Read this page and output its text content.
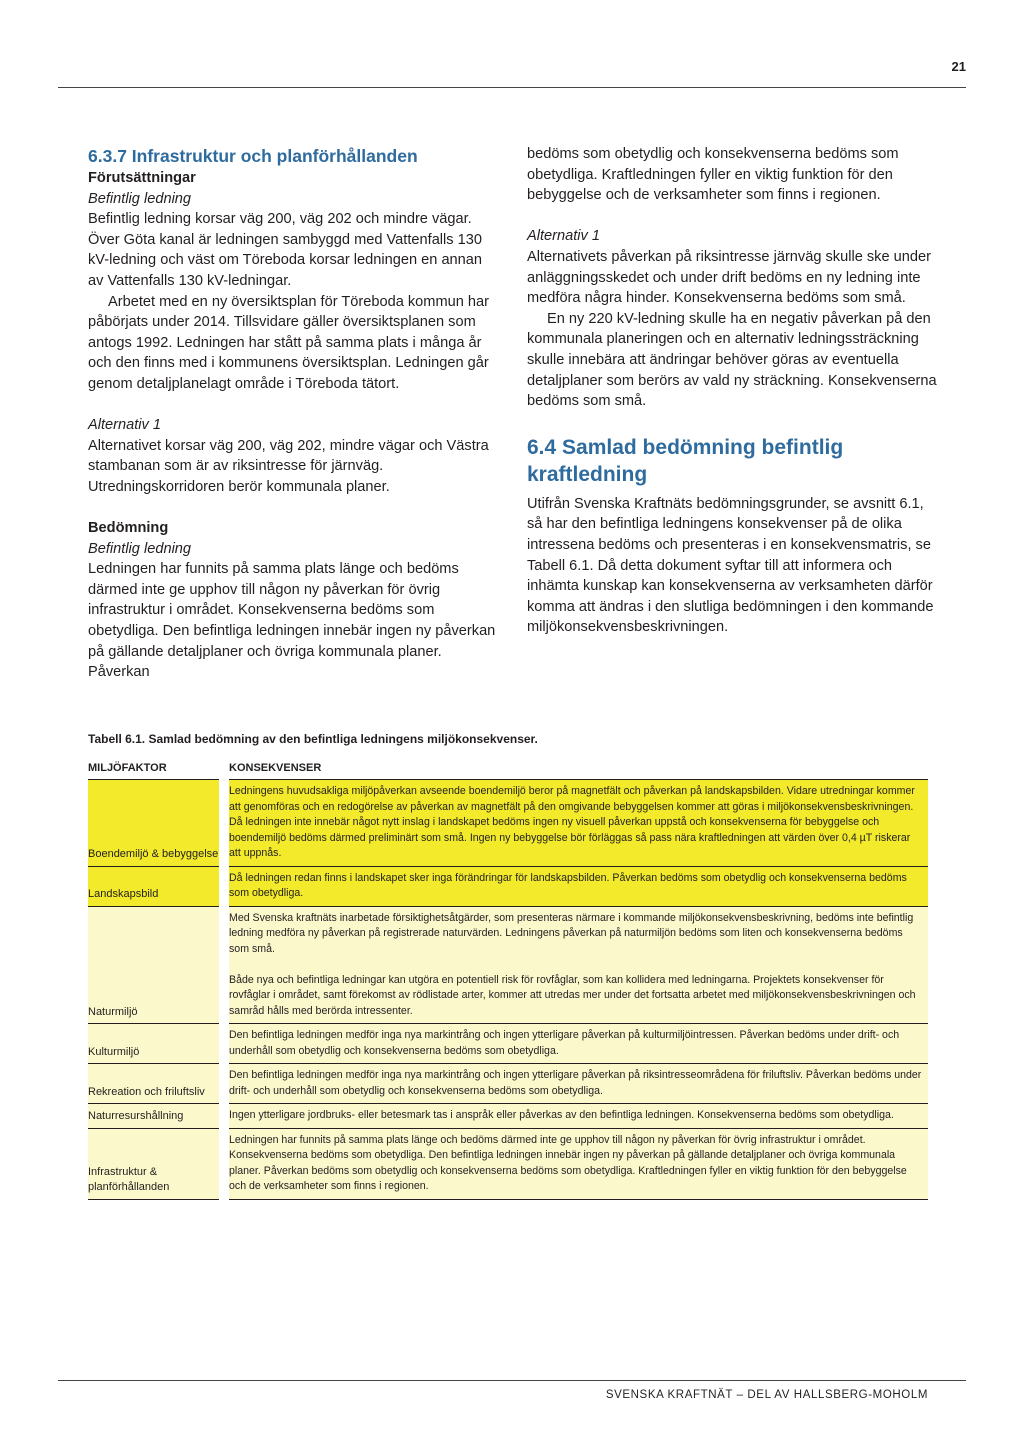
21
6.3.7 Infrastruktur och planförhållanden

Förutsättningar

Befintlig ledning

Befintlig ledning korsar väg 200, väg 202 och mindre vägar. Över Göta kanal är ledningen sambyggd med Vattenfalls 130 kV-ledning och väst om Töreboda korsar ledningen en annan av Vattenfalls 130 kV-ledningar.

Arbetet med en ny översiktsplan för Töreboda kommun har påbörjats under 2014. Tillsvidare gäller översiktsplanen som antogs 1992. Ledningen har stått på samma plats i många år och den finns med i kommunens översiktsplan. Ledningen går genom detaljplanelagt område i Töreboda tätort.

Alternativ 1

Alternativet korsar väg 200, väg 202, mindre vägar och Västra stambanan som är av riksintresse för järnväg. Utredningskorridoren berör kommunala planer.

Bedömning

Befintlig ledning

Ledningen har funnits på samma plats länge och bedöms därmed inte ge upphov till någon ny påverkan för övrig infrastruktur i området. Konsekvenserna bedöms som obetydliga. Den befintliga ledningen innebär ingen ny påverkan på gällande detaljplaner och övriga kommunala planer. Påverkan

bedöms som obetydlig och konsekvenserna bedöms som obetydliga. Kraftledningen fyller en viktig funktion för den bebyggelse och de verksamheter som finns i regionen.

Alternativ 1

Alternativets påverkan på riksintresse järnväg skulle ske under anläggningsskedet och under drift bedöms en ny ledning inte medföra några hinder. Konsekvenserna bedöms som små.

En ny 220 kV-ledning skulle ha en negativ påverkan på den kommunala planeringen och en alternativ ledningssträckning skulle innebära att ändringar behöver göras av eventuella detaljplaner som berörs av vald ny sträckning. Konsekvenserna bedöms som små.

6.4 Samlad bedömning befintlig kraftledning

Utifrån Svenska Kraftnäts bedömningsgrunder, se avsnitt 6.1, så har den befintliga ledningens konsekvenser på de olika intressena bedöms och presenteras i en konsekvensmatris, se Tabell 6.1. Då detta dokument syftar till att informera och inhämta kunskap kan konsekvenserna av verksamheten därför komma att ändras i den slutliga bedömningen i den kommande miljökonsekvensbeskrivningen.

Tabell 6.1. Samlad bedömning av den befintliga ledningens miljökonsekvenser.
MILJÖFAKTOR	KONSEKVENSER
Boendemiljö & bebyggelse

Ledningens huvudsakliga miljöpåverkan avseende boendemiljö beror på magnetfält och påverkan på landskapsbilden. Vidare utredningar kommer att genomföras och en redogörelse av påverkan av magnetfält på den omgivande bebyggelsen kommer att göras i miljökonsekvensbeskrivningen. Då ledningen inte innebär något nytt inslag i landskapet bedöms ingen ny visuell påverkan uppstå och konsekvenserna för bebyggelse och boendemiljö bedöms därmed preliminärt som små. Ingen ny bebyggelse bör förläggas så pass nära kraftledningen att värden över 0,4 µT riskerar att uppnås.

Landskapsbild

Då ledningen redan finns i landskapet sker inga förändringar för landskapsbilden. Påverkan bedöms som obetydlig och konsekvenserna bedöms som obetydliga.

Naturmiljö

Med Svenska kraftnäts inarbetade försiktighetsåtgärder, som presenteras närmare i kommande miljökonsekvensbeskrivning, bedöms inte befintlig ledning medföra ny påverkan på registrerade naturvärden. Ledningens påverkan på naturmiljön bedöms som liten och konsekvenserna bedöms som små.

Både nya och befintliga ledningar kan utgöra en potentiell risk för rovfåglar, som kan kollidera med ledningarna. Projektets konsekvenser för rovfåglar i området, samt förekomst av rödlistade arter, kommer att utredas mer under det fortsatta arbetet med miljökonsekvensbeskrivningen och samråd hålls med berörda intressenter.

Kulturmiljö

Den befintliga ledningen medför inga nya markintrång och ingen ytterligare påverkan på kulturmiljöintressen. Påverkan bedöms under drift- och underhåll som obetydlig och konsekvenserna bedöms som obetydliga.

Rekreation och friluftsliv

Den befintliga ledningen medför inga nya markintrång och ingen ytterligare påverkan på riksintresseområdena för friluftsliv. Påverkan bedöms under drift- och underhåll som obetydlig och konsekvenserna bedöms som obetydliga.

Naturresurshållning	Ingen ytterligare jordbruks- eller betesmark tas i anspråk eller påverkas av den befintliga ledningen. Konsekvenserna bedöms som obetydliga.

Infrastruktur & planförhållanden

Ledningen har funnits på samma plats länge och bedöms därmed inte ge upphov till någon ny påverkan för övrig infrastruktur i området. Konsekvenserna bedöms som obetydliga. Den befintliga ledningen innebär ingen ny påverkan på gällande detaljplaner och övriga kommunala planer. Påverkan bedöms som obetydlig och konsekvenserna bedöms som obetydliga. Kraftledningen fyller en viktig funktion för den bebyggelse och de verksamheter som finns i regionen.

SVENSKA KRAFTNÄT – DEL AV HALLSBERG-MOHOLM
